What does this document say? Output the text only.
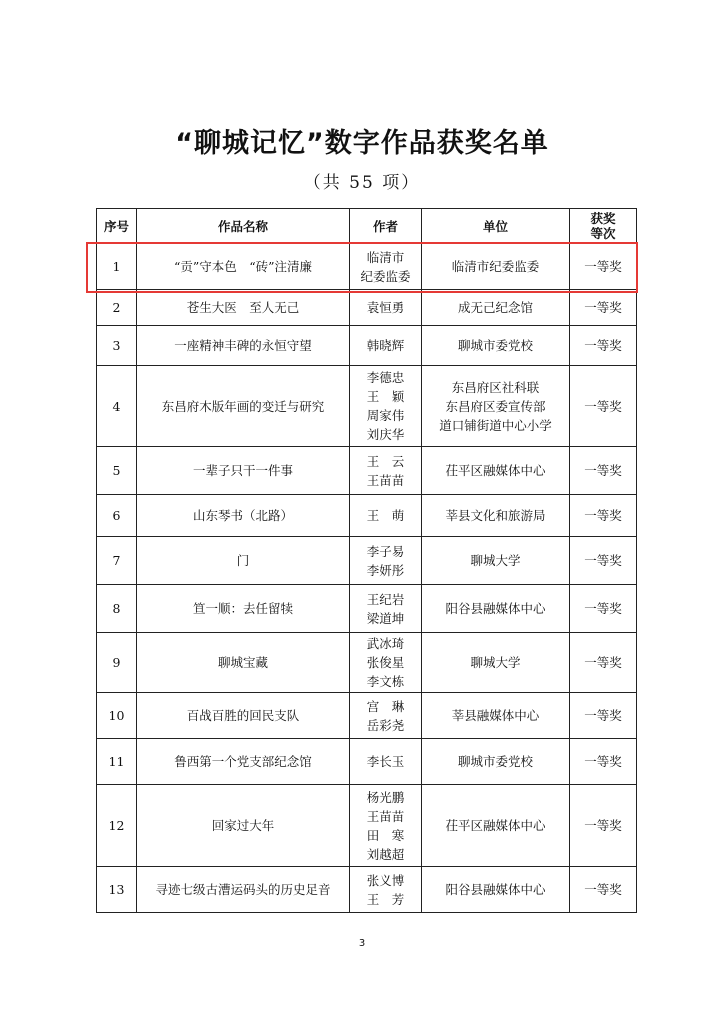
“聊城记忆”数字作品获奖名单
（共 55 项）
序号	作品名称	作者	单位	获奖
等次
1	“贡”守本色　“砖”注清廉	临清市
纪委监委	临清市纪委监委	一等奖
2	苍生大医　至人无己	袁恒勇	成无己纪念馆	一等奖
3	一座精神丰碑的永恒守望	韩晓辉	聊城市委党校	一等奖
4	东昌府木版年画的变迁与研究	李德忠
王　颖
周家伟
刘庆华	东昌府区社科联
东昌府区委宣传部
道口铺街道中心小学	一等奖
5	一辈子只干一件事	王　云
王苗苗	茌平区融媒体中心	一等奖
6	山东琴书（北路）	王　萌	莘县文化和旅游局	一等奖
7	门	李子易
李妍彤	聊城大学	一等奖
8	笪一顺：去任留犊	王纪岩
梁道坤	阳谷县融媒体中心	一等奖
9	聊城宝藏	武冰琦
张俊星
李文栋	聊城大学	一等奖
10	百战百胜的回民支队	宫　琳
岳彩尧	莘县融媒体中心	一等奖
11	鲁西第一个党支部纪念馆	李长玉	聊城市委党校	一等奖
12	回家过大年	杨光鹏
王苗苗
田　寒
刘越超	茌平区融媒体中心	一等奖
13	寻迹七级古漕运码头的历史足音	张义博
王　芳	阳谷县融媒体中心	一等奖
3
